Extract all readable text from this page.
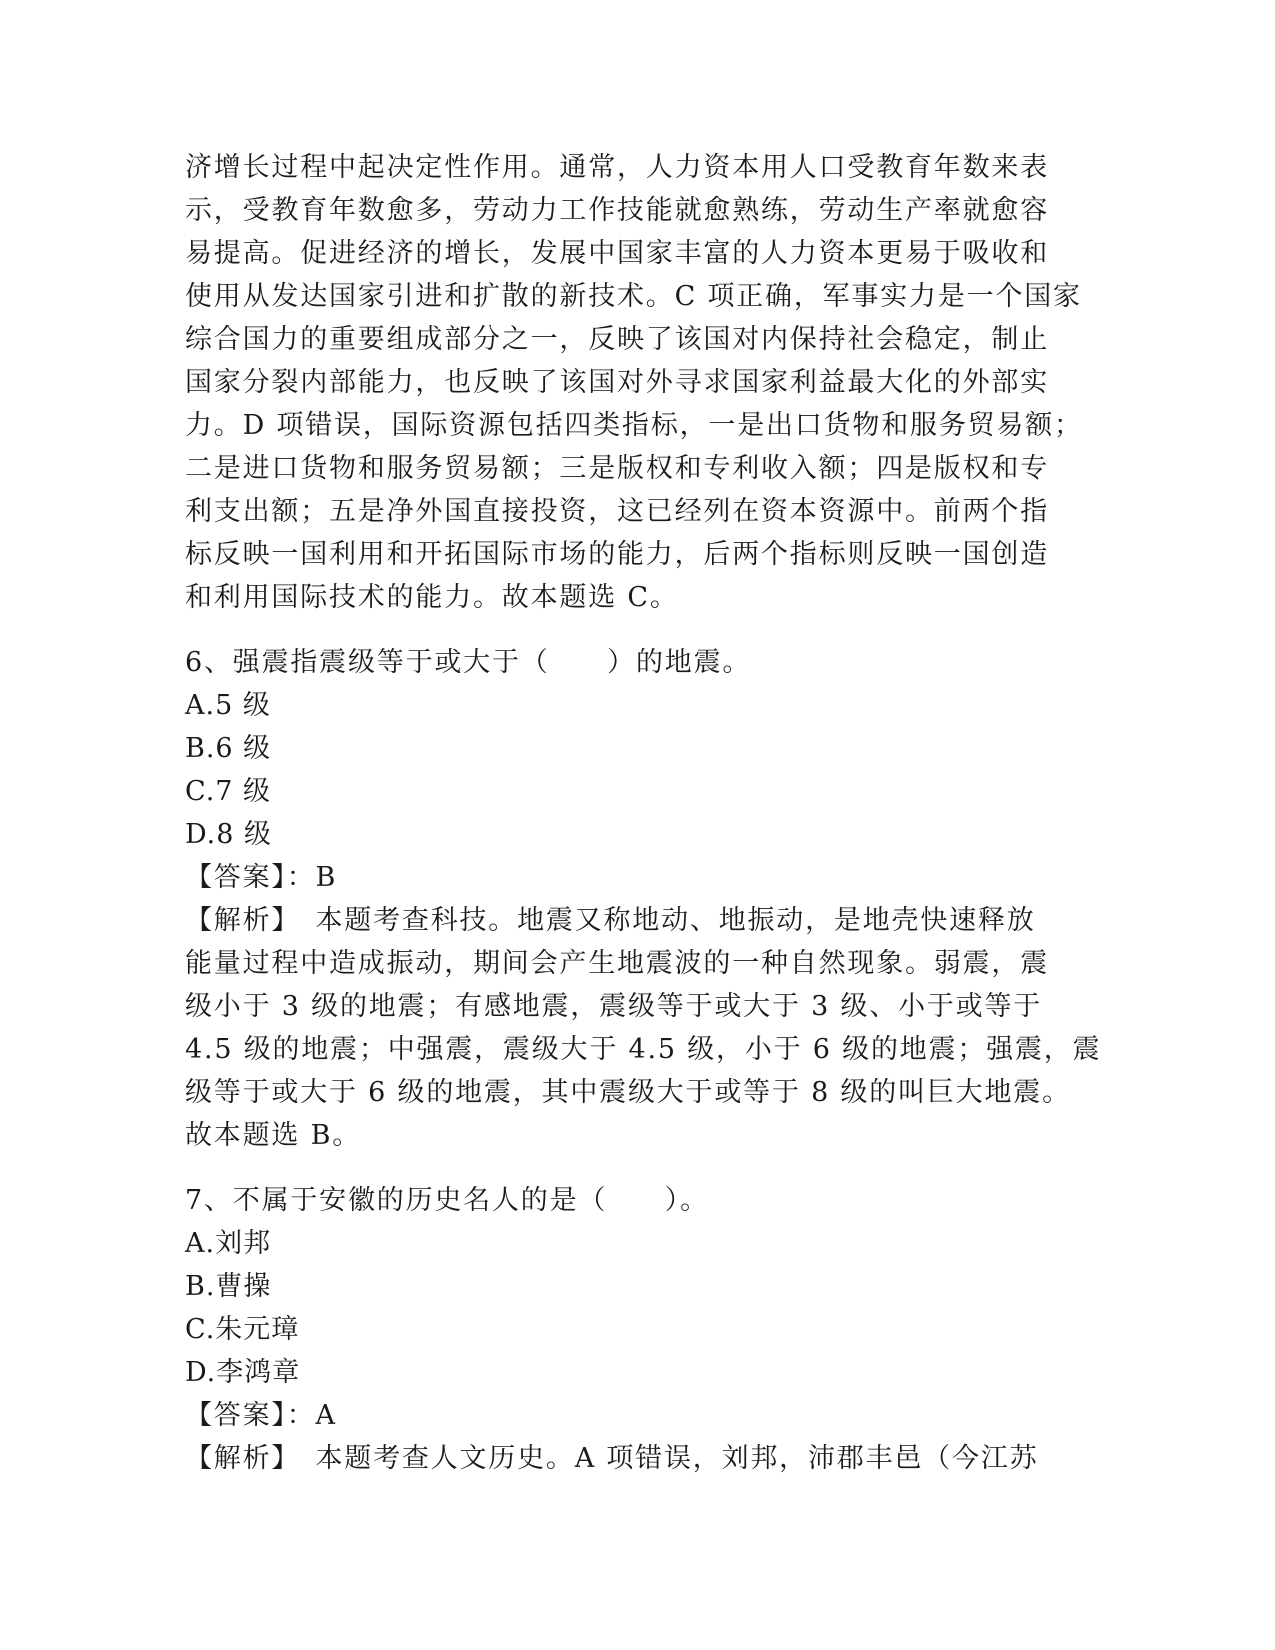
济增长过程中起决定性作用。通常，人力资本用人口受教育年数来表
示，受教育年数愈多，劳动力工作技能就愈熟练，劳动生产率就愈容
易提高。促进经济的增长，发展中国家丰富的人力资本更易于吸收和
使用从发达国家引进和扩散的新技术。C 项正确，军事实力是一个国家
综合国力的重要组成部分之一，反映了该国对内保持社会稳定，制止
国家分裂内部能力，也反映了该国对外寻求国家利益最大化的外部实
力。D 项错误，国际资源包括四类指标，一是出口货物和服务贸易额；
二是进口货物和服务贸易额；三是版权和专利收入额；四是版权和专
利支出额；五是净外国直接投资，这已经列在资本资源中。前两个指
标反映一国利用和开拓国际市场的能力，后两个指标则反映一国创造
和利用国际技术的能力。故本题选 C。
6、强震指震级等于或大于（　　）的地震。
A.5 级
B.6 级
C.7 级
D.8 级
【答案】：B
【解析】　本题考查科技。地震又称地动、地振动，是地壳快速释放
能量过程中造成振动，期间会产生地震波的一种自然现象。弱震，震
级小于 3 级的地震；有感地震，震级等于或大于 3 级、小于或等于
4.5 级的地震；中强震，震级大于 4.5 级，小于 6 级的地震；强震，震
级等于或大于 6 级的地震，其中震级大于或等于 8 级的叫巨大地震。
故本题选 B。
7、不属于安徽的历史名人的是（　　）。
A.刘邦
B.曹操
C.朱元璋
D.李鸿章
【答案】：A
【解析】　本题考查人文历史。A 项错误，刘邦，沛郡丰邑（今江苏
